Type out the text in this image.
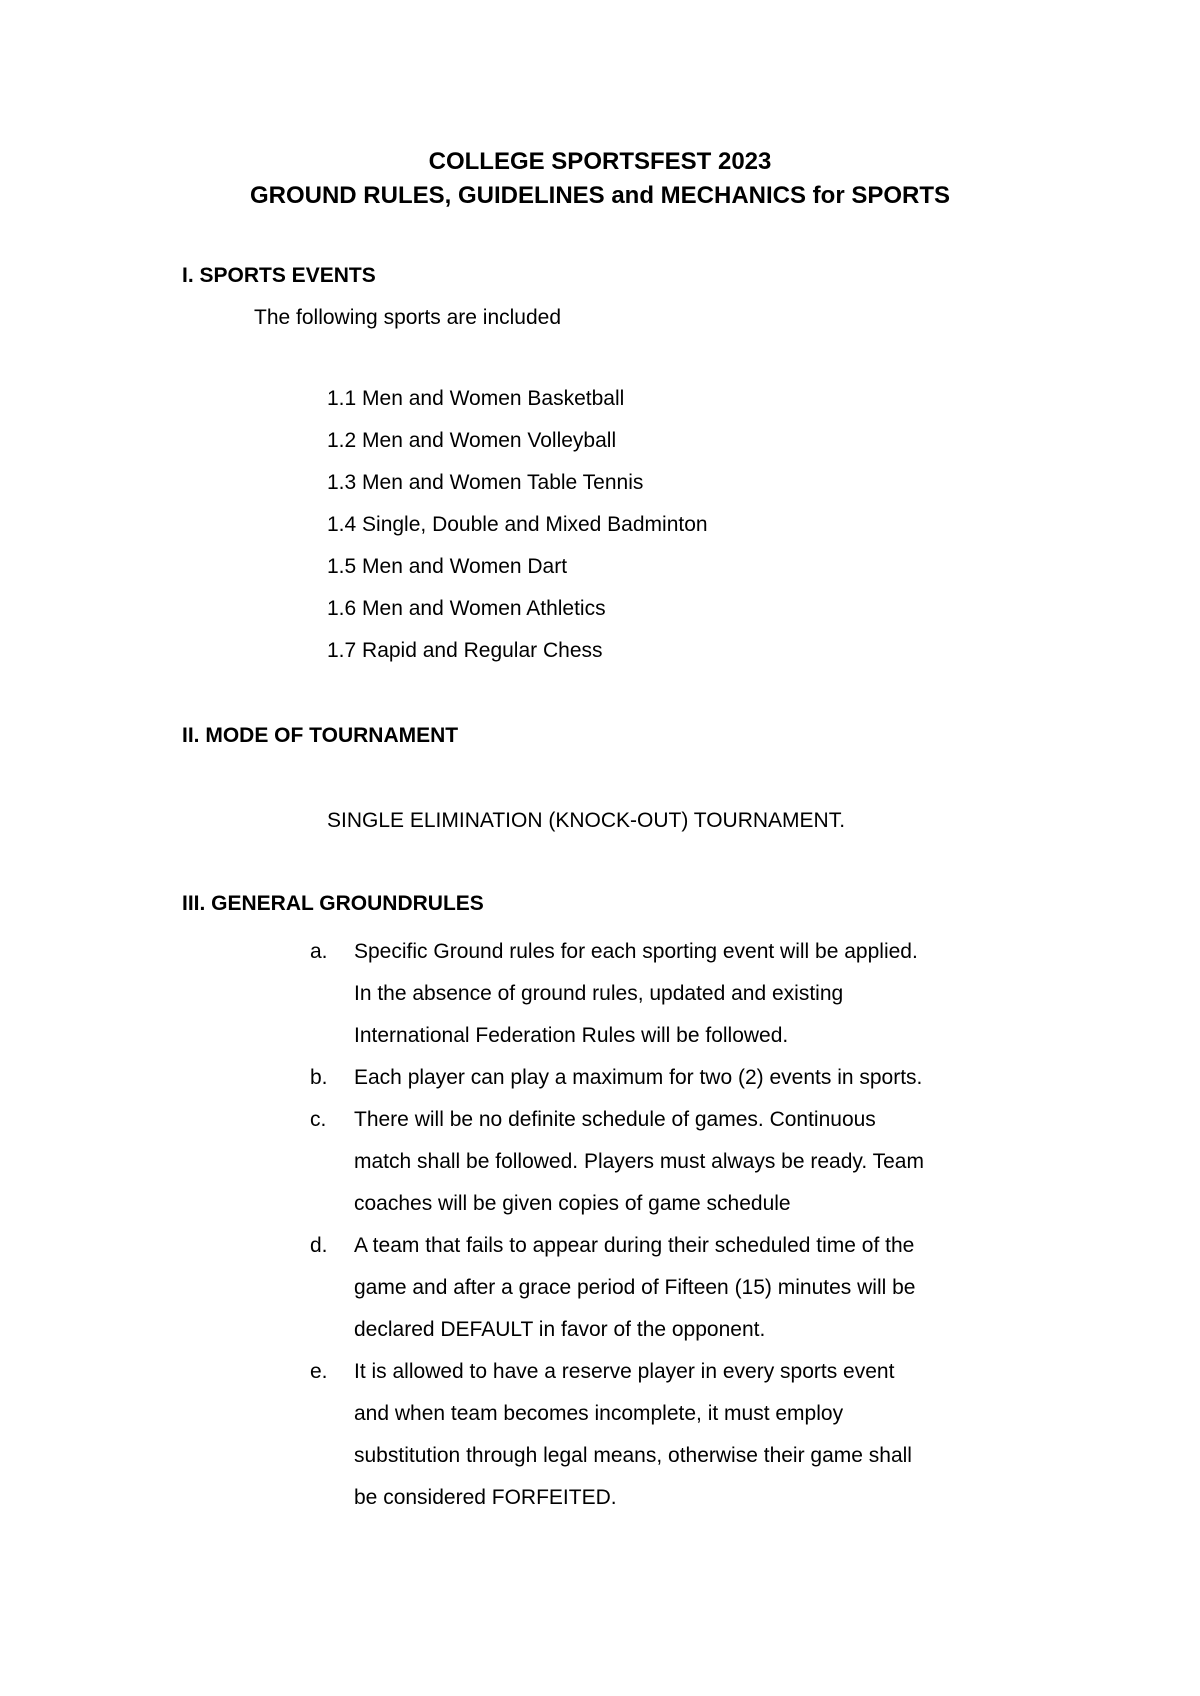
COLLEGE SPORTSFEST 2023
GROUND RULES, GUIDELINES and MECHANICS for SPORTS
I. SPORTS EVENTS
The following sports are included
1.1 Men and Women Basketball
1.2 Men and Women Volleyball
1.3 Men and Women Table Tennis
1.4 Single, Double and Mixed Badminton
1.5 Men and Women Dart
1.6 Men and Women Athletics
1.7 Rapid and Regular Chess
II. MODE OF TOURNAMENT
SINGLE ELIMINATION (KNOCK-OUT) TOURNAMENT.
III. GENERAL GROUNDRULES
a. Specific Ground rules for each sporting event will be applied.
In the absence of ground rules, updated and existing
International Federation Rules will be followed.
b. Each player can play a maximum for two (2) events in sports.
c. There will be no definite schedule of games. Continuous
match shall be followed. Players must always be ready. Team
coaches will be given copies of game schedule
d. A team that fails to appear during their scheduled time of the
game and after a grace period of Fifteen (15) minutes will be
declared DEFAULT in favor of the opponent.
e. It is allowed to have a reserve player in every sports event
and when team becomes incomplete, it must employ
substitution through legal means, otherwise their game shall
be considered FORFEITED.
